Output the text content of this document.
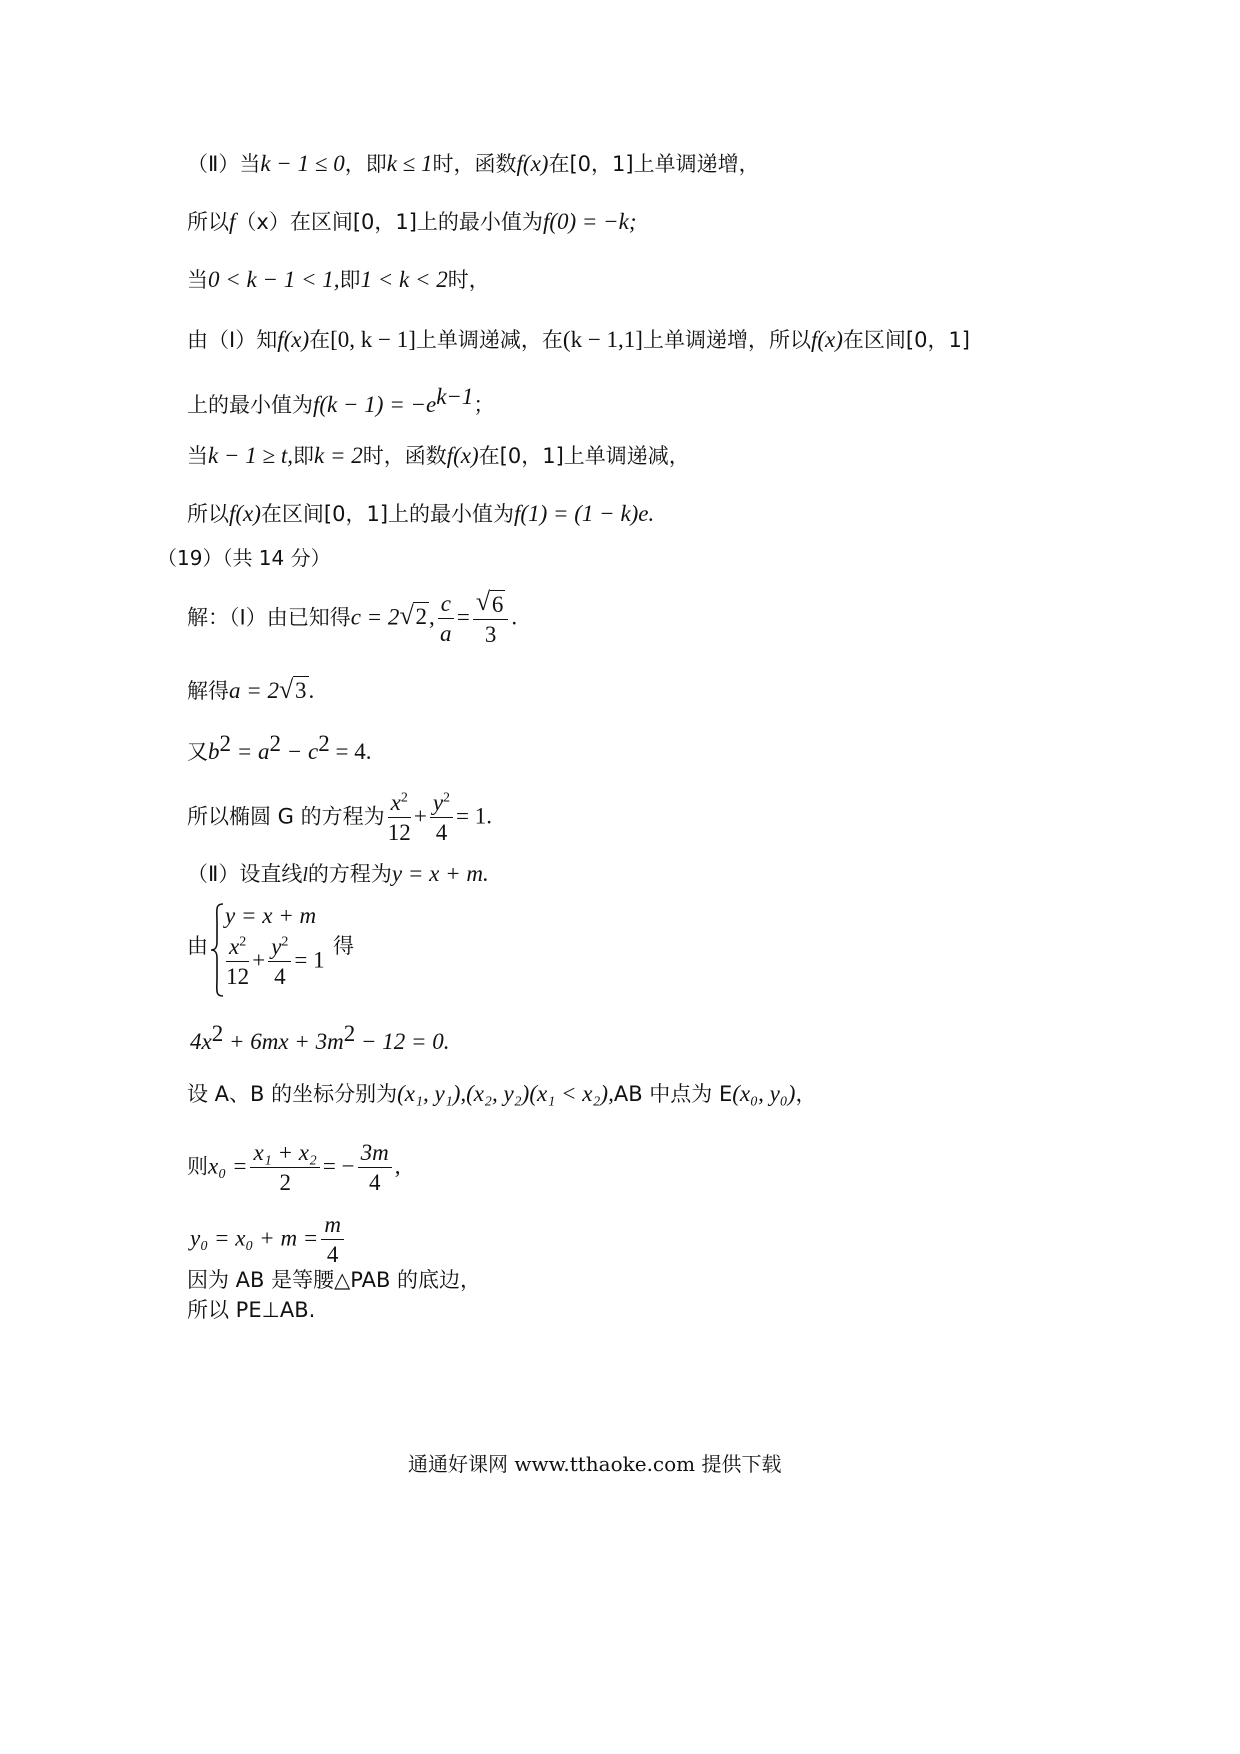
（Ⅱ）当k − 1 ≤ 0，即k ≤ 1时，函数f(x)在[0，1]上单调递增，
所以f（x）在区间[0，1]上的最小值为f(0) = −k;
当0 < k − 1 < 1,即1 < k < 2时，
由（Ⅰ）知f(x)在[0, k − 1]上单调递减，在(k − 1,1]上单调递增，所以f(x)在区间[0，1]
上的最小值为$f(k - 1) = -e^{k-1}$；
当k − 1 ≥ t,即k = 2时，函数f(x)在[0，1]上单调递减，
所以f(x)在区间[0，1]上的最小值为f(1) = (1 − k)e.
（19）（共 14 分）
解：（Ⅰ）由已知得c = 2 √ 2, $\frac{c}{a} = \frac{√ 6}{3}$ .
解得a = 2 √ 3.
又$b^2 = a^2 - c^2 = 4$.
所以椭圆 G 的方程为 $\frac{x^2}{12} + \frac{y^2}{4} = 1$.
（Ⅱ）设直线l的方程为y = x + m.
由
y = x + m
$\frac{x^2}{12} + \frac{y^2}{4} = 1$
得
$4x^2 + 6mx + 3m^2 - 12 = 0$.
设 A、B 的坐标分别为(x₁, y₁),(x₂, y₂)(x₁ < x₂),AB 中点为 E(x₀, y₀)，
则$x_0 = \frac{\text{x₁ + x₂}}{2}$ = − $\frac{3m}{4}$ ,
$y_0 = x_0 + m = \frac{m}{4}$
因为 AB 是等腰△PAB 的底边，
所以 PE⊥AB.
通通好课网 www.tthaoke.com 提供下载
